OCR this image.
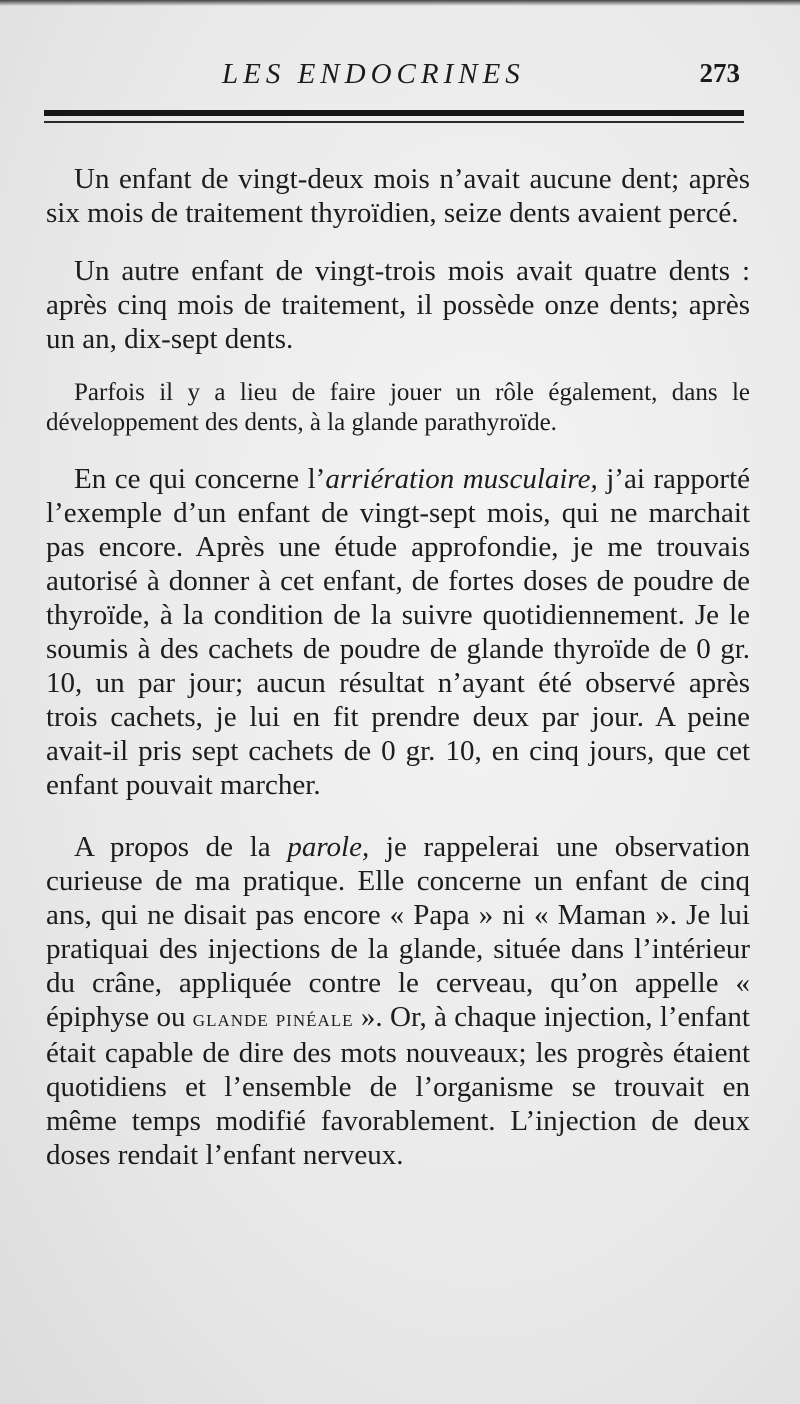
LES ENDOCRINES	273

Un enfant de vingt-deux mois n’avait aucune dent; après six mois de traitement thyroïdien, seize dents avaient percé.

Un autre enfant de vingt-trois mois avait quatre dents : après cinq mois de traitement, il possède onze dents; après un an, dix-sept dents.

Parfois il y a lieu de faire jouer un rôle également, dans le développement des dents, à la glande parathyroïde.

En ce qui concerne l’arriération musculaire, j’ai rapporté l’exemple d’un enfant de vingt-sept mois, qui ne marchait pas encore. Après une étude approfondie, je me trouvais autorisé à donner à cet enfant, de fortes doses de poudre de thyroïde, à la condition de la suivre quotidiennement. Je le soumis à des cachets de poudre de glande thyroïde de 0 gr. 10, un par jour; aucun résultat n’ayant été observé après trois cachets, je lui en fit prendre deux par jour. A peine avait-il pris sept cachets de 0 gr. 10, en cinq jours, que cet enfant pouvait marcher.

A propos de la parole, je rappelerai une observation curieuse de ma pratique. Elle concerne un enfant de cinq ans, qui ne disait pas encore « Papa » ni « Maman ». Je lui pratiquai des injections de la glande, située dans l’intérieur du crâne, appliquée contre le cerveau, qu’on appelle « épiphyse ou glande pinéale ». Or, à chaque injection, l’enfant était capable de dire des mots nouveaux; les progrès étaient quotidiens et l’ensemble de l’organisme se trouvait en même temps modifié favorablement. L’injection de deux doses rendait l’enfant nerveux.
